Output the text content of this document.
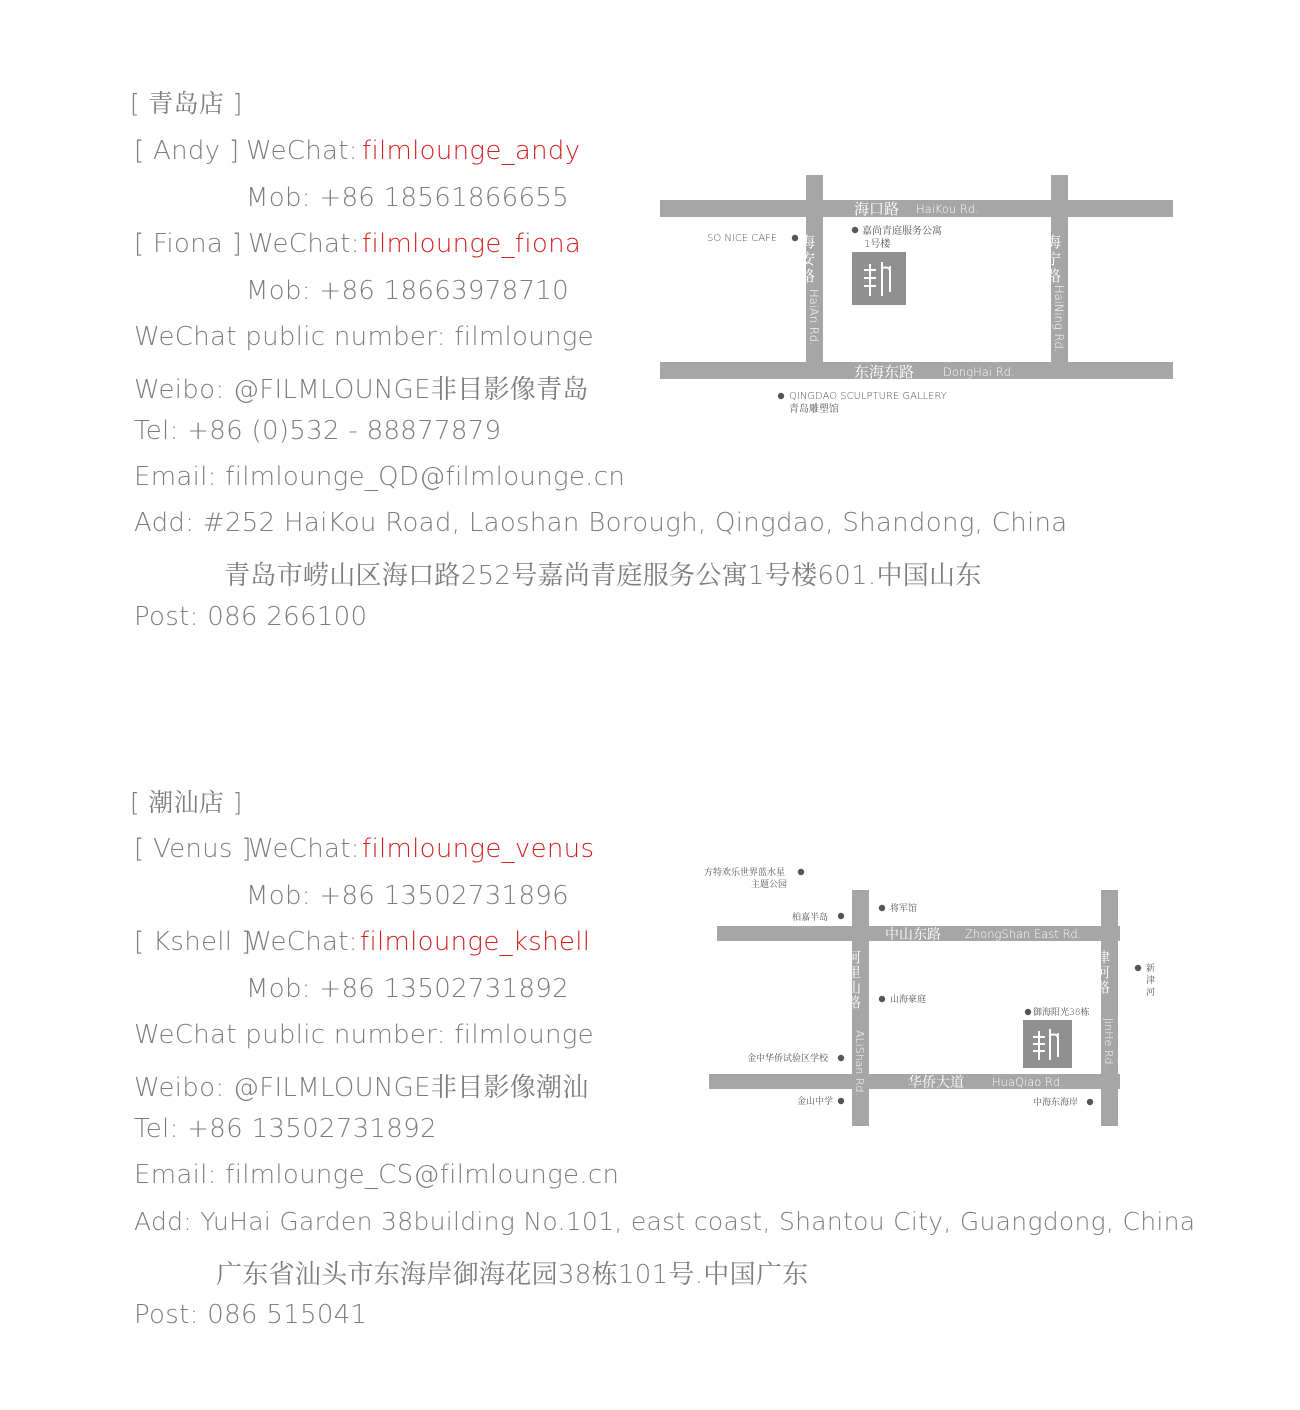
[ 青岛店 ]
[ Andy ] WeChat: filmlounge_andy
Mob: +86 18561866655
[ Fiona ] WeChat: filmlounge_fiona
Mob: +86 18663978710
WeChat public number: filmlounge
Weibo: @FILMLOUNGE非目影像青岛
Tel: +86 (0)532 - 88877879
Email: filmlounge_QD@filmlounge.cn
Add: #252 HaiKou Road, Laoshan Borough, Qingdao, Shandong, China
青岛市崂山区海口路252号嘉尚青庭服务公寓1号楼601.中国山东
Post: 086 266100
海口路 HaiKou Rd.
东海东路	DongHai Rd.
海安路	海宁路
HaiAn Rd.	HaiNing Rd.
SO NICE CAFE
嘉尚青庭服务公寓
1号楼
QINGDAO SCULPTURE GALLERY
青岛雕塑馆
[ 潮汕店 ]
[ Venus ]
WeChat: filmlounge_venus
Mob: +86 13502731896
[ Kshell ]
WeChat: filmlounge_kshell
Mob: +86 13502731892
WeChat public number: filmlounge
Weibo: @FILMLOUNGE非目影像潮汕
Tel: +86 13502731892
Email: filmlounge_CS@filmlounge.cn
Add: YuHai Garden 38building No.101, east coast, Shantou City, Guangdong, China
广东省汕头市东海岸御海花园38栋101号.中国广东
Post: 086 515041
中山东路 ZhongShan East Rd.
华侨大道 HuaQiao Rd.
阿里山路	津河路
ALiShan Rd.	JinHe Rd.
方特欢乐世界蓝水星
主题公园
柏嘉半岛
将军馆
山海豪庭
御海阳光38栋
金中华侨试验区学校
金山中学	中海东海岸
新
津
河
